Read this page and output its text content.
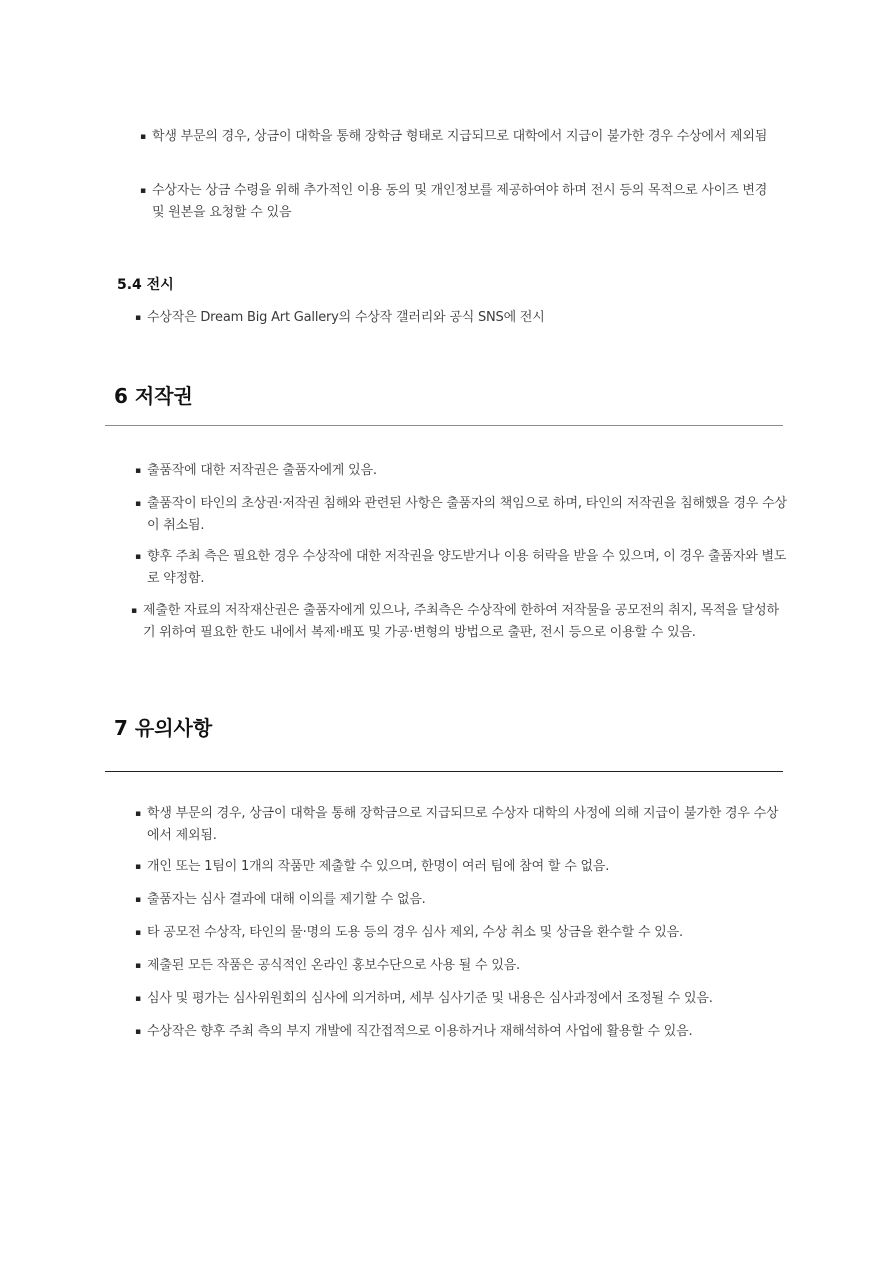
▪ 학생 부문의 경우, 상금이 대학을 통해 장학금 형태로 지급되므로 대학에서 지급이 불가한 경우 수상에서 제외됨
▪ 수상자는 상금 수령을 위해 추가적인 이용 동의 및 개인정보를 제공하여야 하며 전시 등의 목적으로 사이즈 변경 및 원본을 요청할 수 있음
5.4 전시
▪ 수상작은 Dream Big Art Gallery의 수상작 갤러리와 공식 SNS에 전시
6 저작권
▪ 출품작에 대한 저작권은 출품자에게 있음.
▪ 출품작이 타인의 초상권·저작권 침해와 관련된 사항은 출품자의 책임으로 하며, 타인의 저작권을 침해했을 경우 수상이 취소됨.
▪ 향후 주최 측은 필요한 경우 수상작에 대한 저작권을 양도받거나 이용 허락을 받을 수 있으며, 이 경우 출품자와 별도로 약정함.
▪ 제출한 자료의 저작재산권은 출품자에게 있으나, 주최측은 수상작에 한하여 저작물을 공모전의 취지, 목적을 달성하기 위하여 필요한 한도 내에서 복제·배포 및 가공·변형의 방법으로 출판, 전시 등으로 이용할 수 있음.
7 유의사항
▪ 학생 부문의 경우, 상금이 대학을 통해 장학금으로 지급되므로 수상자 대학의 사정에 의해 지급이 불가한 경우 수상에서 제외됨.
▪ 개인 또는 1팀이 1개의 작품만 제출할 수 있으며, 한명이 여러 팀에 참여 할 수 없음.
▪ 출품자는 심사 결과에 대해 이의를 제기할 수 없음.
▪ 타 공모전 수상작, 타인의 물·명의 도용 등의 경우 심사 제외, 수상 취소 및 상금을 환수할 수 있음.
▪ 제출된 모든 작품은 공식적인 온라인 홍보수단으로 사용 될 수 있음.
▪ 심사 및 평가는 심사위원회의 심사에 의거하며, 세부 심사기준 및 내용은 심사과정에서 조정될 수 있음.
▪ 수상작은 향후 주최 측의 부지 개발에 직간접적으로 이용하거나 재해석하여 사업에 활용할 수 있음.
